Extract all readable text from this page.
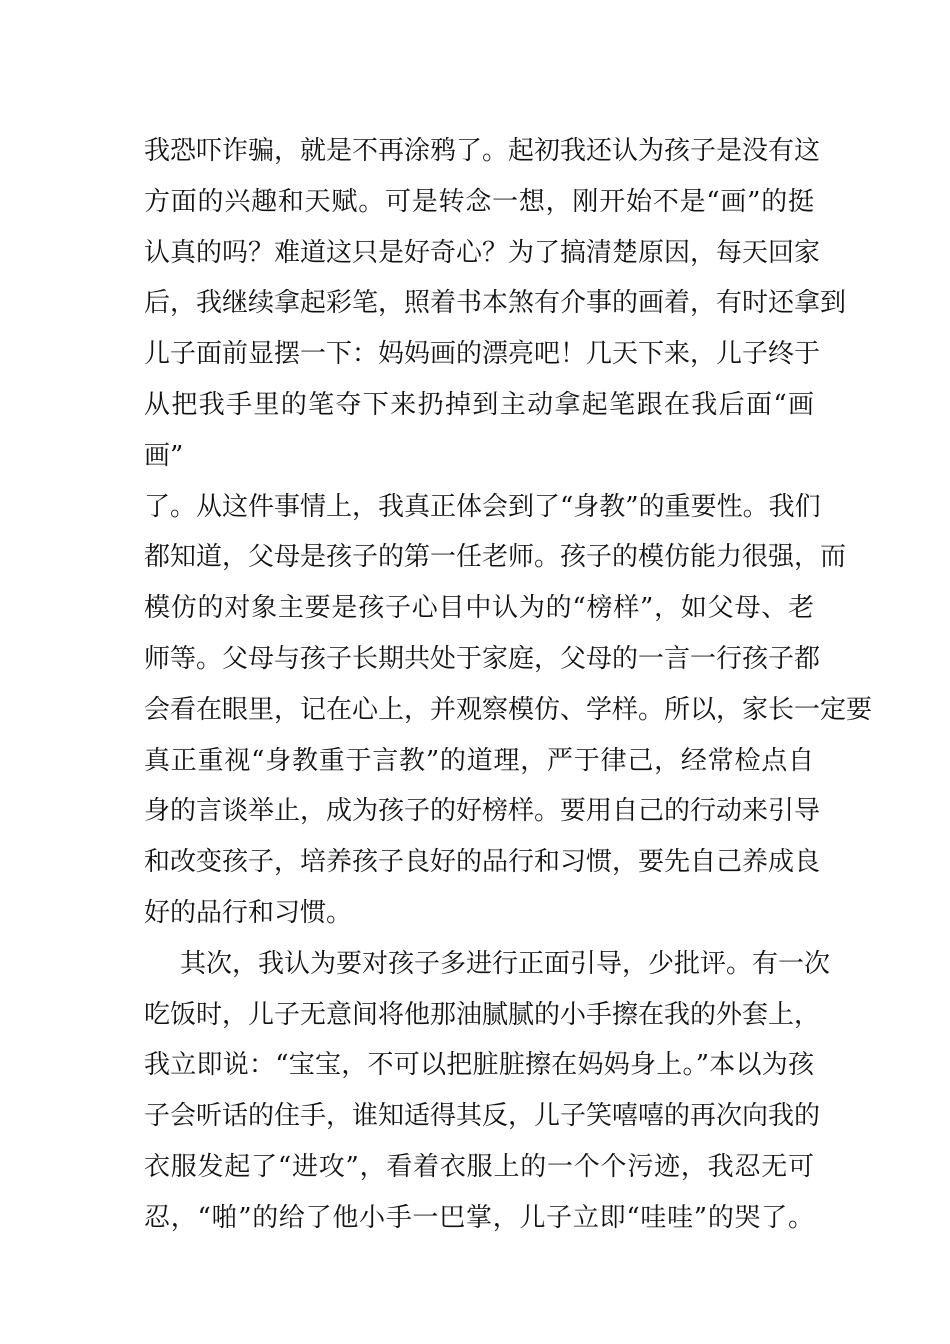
我恐吓诈骗，就是不再涂鸦了。起初我还认为孩子是没有这
方面的兴趣和天赋。可是转念一想，刚开始不是“画”的挺
认真的吗？难道这只是好奇心？为了搞清楚原因，每天回家
后，我继续拿起彩笔，照着书本煞有介事的画着，有时还拿到
儿子面前显摆一下：妈妈画的漂亮吧！几天下来，儿子终于
从把我手里的笔夺下来扔掉到主动拿起笔跟在我后面“画
画”
了。从这件事情上，我真正体会到了“身教”的重要性。我们
都知道，父母是孩子的第一任老师。孩子的模仿能力很强，而
模仿的对象主要是孩子心目中认为的“榜样”，如父母、老
师等。父母与孩子长期共处于家庭，父母的一言一行孩子都
会看在眼里，记在心上，并观察模仿、学样。所以，家长一定要
真正重视“身教重于言教”的道理，严于律己，经常检点自
身的言谈举止，成为孩子的好榜样。要用自己的行动来引导
和改变孩子，培养孩子良好的品行和习惯，要先自己养成良
好的品行和习惯。
其次，我认为要对孩子多进行正面引导，少批评。有一次
吃饭时，儿子无意间将他那油腻腻的小手擦在我的外套上，
我立即说：“宝宝，不可以把脏脏擦在妈妈身上。”本以为孩
子会听话的住手，谁知适得其反，儿子笑嘻嘻的再次向我的
衣服发起了“进攻”，看着衣服上的一个个污迹，我忍无可
忍，“啪”的给了他小手一巴掌，儿子立即“哇哇”的哭了。
